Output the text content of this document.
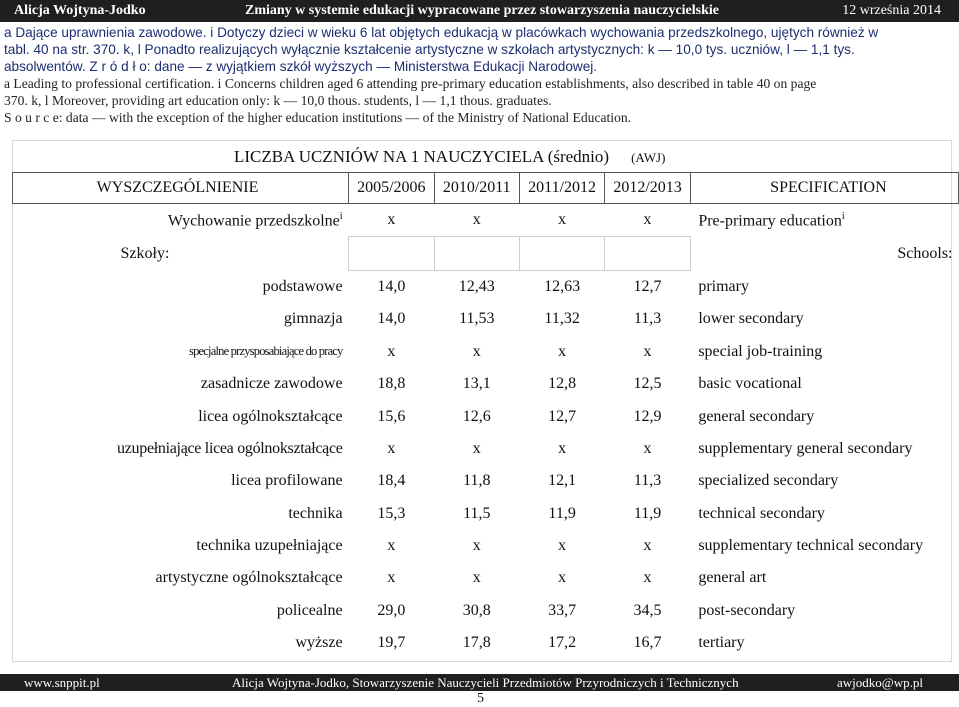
Alicja Wojtyna-Jodko	Zmiany w systemie edukacji wypracowane przez stowarzyszenia nauczycielskie	12 września 2014
a Dające uprawnienia zawodowe. i Dotyczy dzieci w wieku 6 lat objętych edukacją w placówkach wychowania przedszkolnego, ujętych również w
tabl. 40 na str. 370. k, l Ponadto realizujących wyłącznie kształcenie artystyczne w szkołach artystycznych: k — 10,0 tys. uczniów, l — 1,1 tys.
absolwentów. Z r ó d ł o: dane — z wyjątkiem szkół wyższych — Ministerstwa Edukacji Narodowej.
a Leading to professional certification. i Concerns children aged 6 attending pre-primary education establishments, also described in table 40 on page
370. k, l Moreover, providing art education only: k — 10,0 thous. students, l — 1,1 thous. graduates.
S o u r c e: data — with the exception of the higher education institutions — of the Ministry of National Education.
LICZBA UCZNIÓW NA 1 NAUCZYCIELA (średnio) (AWJ)
WYSZCZEGÓLNIENIE	2005/2006	2010/2011	2011/2012	2012/2013	SPECIFICATION
Wychowanie przedszkolne$^i$	x	x	x	x	Pre-primary education$^i$
Szkoły:					Schools:
podstawowe	14,0	12,43	12,63	12,7	primary
gimnazja	14,0	11,53	11,32	11,3	lower secondary
specjalne przysposabiające do pracy	x	x	x	x	special job-training
zasadnicze zawodowe	18,8	13,1	12,8	12,5	basic vocational
licea ogólnokształcące	15,6	12,6	12,7	12,9	general secondary
uzupełniające licea ogólnokształcące	x	x	x	x	supplementary general secondary
licea profilowane	18,4	11,8	12,1	11,3	specialized secondary
technika	15,3	11,5	11,9	11,9	technical secondary
technika uzupełniające	x	x	x	x	supplementary technical secondary
artystyczne ogólnokształcące	x	x	x	x	general art
policealne	29,0	30,8	33,7	34,5	post-secondary
wyższe	19,7	17,8	17,2	16,7	tertiary
www.snppit.pl	Alicja Wojtyna-Jodko, Stowarzyszenie Nauczycieli Przedmiotów Przyrodniczych i Technicznych	awjodko@wp.pl
5
